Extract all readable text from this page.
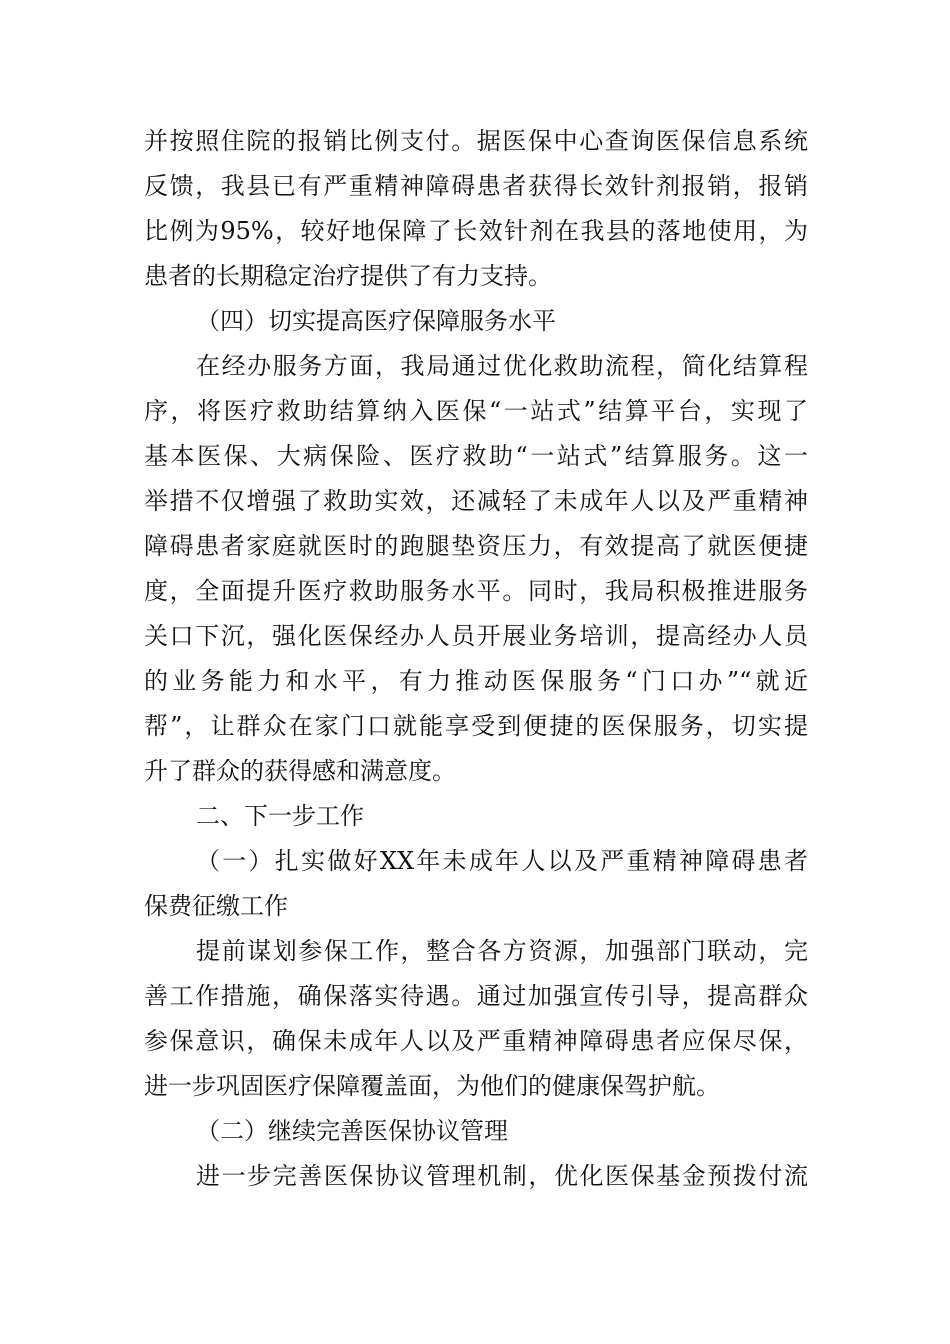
并按照住院的报销比例支付。据医保中心查询医保信息系统
反馈，我县已有严重精神障碍患者获得长效针剂报销，报销
比例为95%，较好地保障了长效针剂在我县的落地使用，为
患者的长期稳定治疗提供了有力支持。
（四）切实提高医疗保障服务水平
在经办服务方面，我局通过优化救助流程，简化结算程
序，将医疗救助结算纳入医保“一站式”结算平台，实现了
基本医保、大病保险、医疗救助“一站式”结算服务。这一
举措不仅增强了救助实效，还减轻了未成年人以及严重精神
障碍患者家庭就医时的跑腿垫资压力，有效提高了就医便捷
度，全面提升医疗救助服务水平。同时，我局积极推进服务
关口下沉，强化医保经办人员开展业务培训，提高经办人员
的业务能力和水平，有力推动医保服务“门口办”“就近
帮”，让群众在家门口就能享受到便捷的医保服务，切实提
升了群众的获得感和满意度。
二、下一步工作
（一）扎实做好XX年未成年人以及严重精神障碍患者
保费征缴工作
提前谋划参保工作，整合各方资源，加强部门联动，完
善工作措施，确保落实待遇。通过加强宣传引导，提高群众
参保意识，确保未成年人以及严重精神障碍患者应保尽保，
进一步巩固医疗保障覆盖面，为他们的健康保驾护航。
（二）继续完善医保协议管理
进一步完善医保协议管理机制，优化医保基金预拨付流
